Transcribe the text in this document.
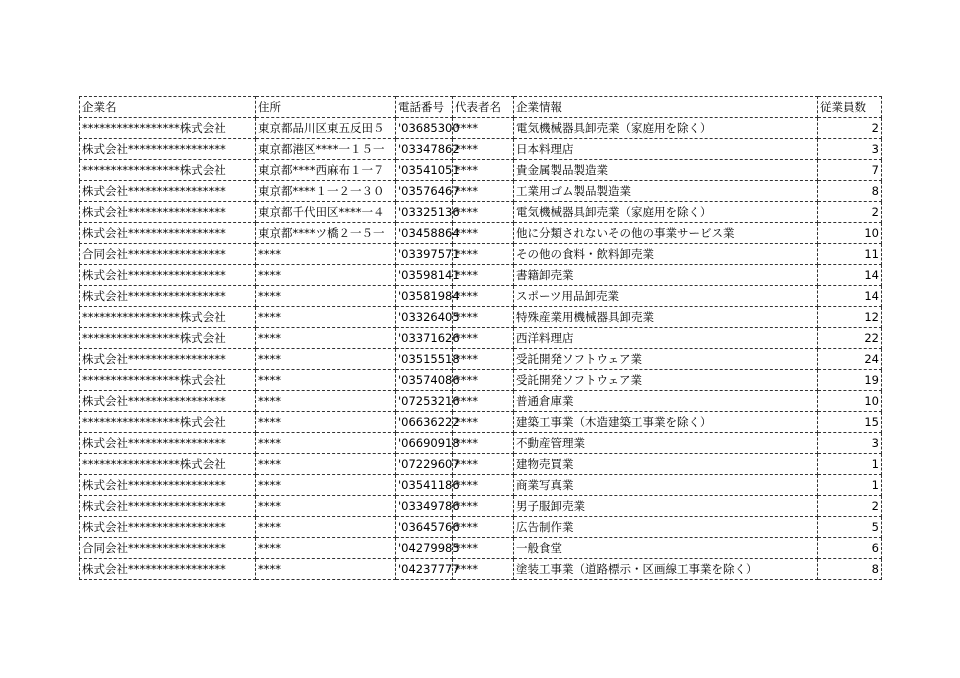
企業名	住所	電話番号	代表者名	企業情報	従業員数
*****************株式会社	東京都品川区東五反田５	'03685300	****	電気機械器具卸売業（家庭用を除く）	2
株式会社*****************	東京都港区****一１５一	'03347862	****	日本料理店	3
*****************株式会社	東京都****西麻布１一７	'03541051	****	貴金属製品製造業	7
株式会社*****************	東京都****１一２一３０	'03576467	****	工業用ゴム製品製造業	8
株式会社*****************	東京都千代田区****一４	'03325136	****	電気機械器具卸売業（家庭用を除く）	2
株式会社*****************	東京都****ツ橋２一５一	'03458864	****	他に分類されないその他の事業サービス業	10
合同会社*****************	****	'03397571	****	その他の食料・飲料卸売業	11
株式会社*****************	****	'03598141	****	書籍卸売業	14
株式会社*****************	****	'03581984	****	スポーツ用品卸売業	14
*****************株式会社	****	'03326405	****	特殊産業用機械器具卸売業	12
*****************株式会社	****	'03371626	****	西洋料理店	22
株式会社*****************	****	'03515518	****	受託開発ソフトウェア業	24
*****************株式会社	****	'03574086	****	受託開発ソフトウェア業	19
株式会社*****************	****	'07253216	****	普通倉庫業	10
*****************株式会社	****	'06636222	****	建築工事業（木造建築工事業を除く）	15
株式会社*****************	****	'06690918	****	不動産管理業	3
*****************株式会社	****	'07229607	****	建物売買業	1
株式会社*****************	****	'03541186	****	商業写真業	1
株式会社*****************	****	'03349786	****	男子服卸売業	2
株式会社*****************	****	'03645766	****	広告制作業	5
合同会社*****************	****	'04279985	****	一般食堂	6
株式会社*****************	****	'04237777	****	塗装工事業（道路標示・区画線工事業を除く）	8
